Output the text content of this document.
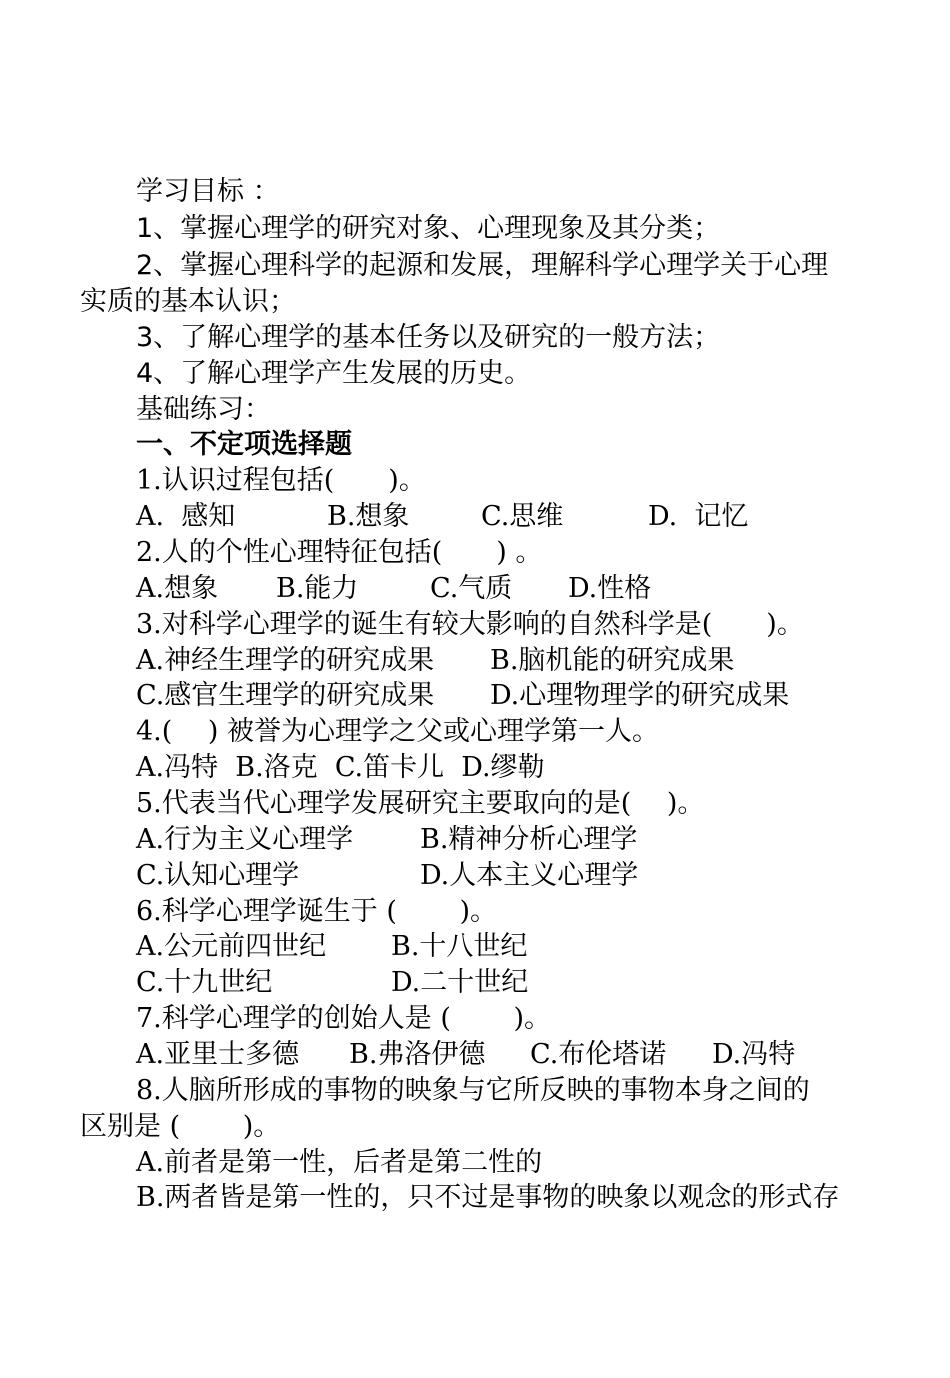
学习目标 ：
1、掌握心理学的研究对象、心理现象及其分类；
2、掌握心理科学的起源和发展，理解科学心理学关于心理
实质的基本认识；
3、了解心理学的基本任务以及研究的一般方法；
4、了解心理学产生发展的历史。
基础练习：
一、不定项选择题
1.认识过程包括(　　)。
A.  感知	B.想象	C.思维	D.  记忆
2.人的个性心理特征包括(　　) 。
A.想象 B.能力	C.气质 D.性格
3.对科学心理学的诞生有较大影响的自然科学是(　　)。
A.神经生理学的研究成果 B.脑机能的研究成果
C.感官生理学的研究成果 D.心理物理学的研究成果
4.(　 ) 被誉为心理学之父或心理学第一人。
A.冯特  B.洛克  C.笛卡儿  D.缪勒
5.代表当代心理学发展研究主要取向的是(　 )。
A.行为主义心理学 B.精神分析心理学
C.认知心理学	D.人本主义心理学
6.科学心理学诞生于 (　　 )。
A.公元前四世纪 B.十八世纪
C.十九世纪	D.二十世纪
7.科学心理学的创始人是 (　　 )。
A.亚里士多德 B.弗洛伊德 C.布伦塔诺 D.冯特
8.人脑所形成的事物的映象与它所反映的事物本身之间的
区别是 (　　 )。
A.前者是第一性，后者是第二性的
B.两者皆是第一性的，只不过是事物的映象以观念的形式存
